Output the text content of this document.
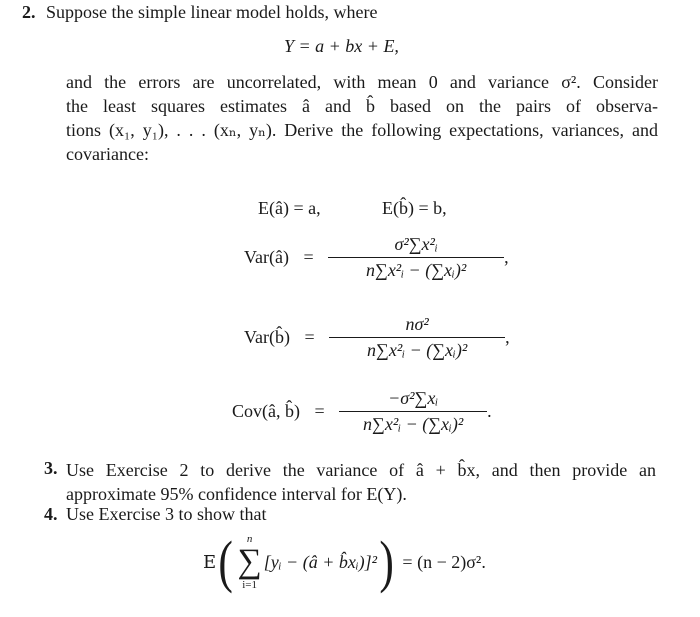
2. Suppose the simple linear model holds, where
Y = a + bx + E,
and the errors are uncorrelated, with mean 0 and variance σ². Consider
the least squares estimates â and b̂ based on the pairs of observa-
tions (x₁, y₁), . . . (xₙ, yₙ). Derive the following expectations, variances, and
covariance:
E(â) = a,	E(b̂) = b,
Var(â) = $\frac{\text{σ²∑x²ᵢ}}{\text{n∑x²ᵢ − (∑xᵢ)²}}$ ,
Var(b̂) = $\frac{\text{nσ²}}{\text{n∑x²ᵢ − (∑xᵢ)²}}$ ,
Cov(â, b̂) = $\frac{\text{−σ²∑xᵢ}}{\text{n∑x²ᵢ − (∑xᵢ)²}}$ .
3. Use Exercise 2 to derive the variance of â + b̂x, and then provide an
approximate 95% confidence interval for E(Y).
4. Use Exercise 3 to show that
E ( n
∑
i=1
[yᵢ − (â + b̂xᵢ)]² ) = (n − 2)σ².
